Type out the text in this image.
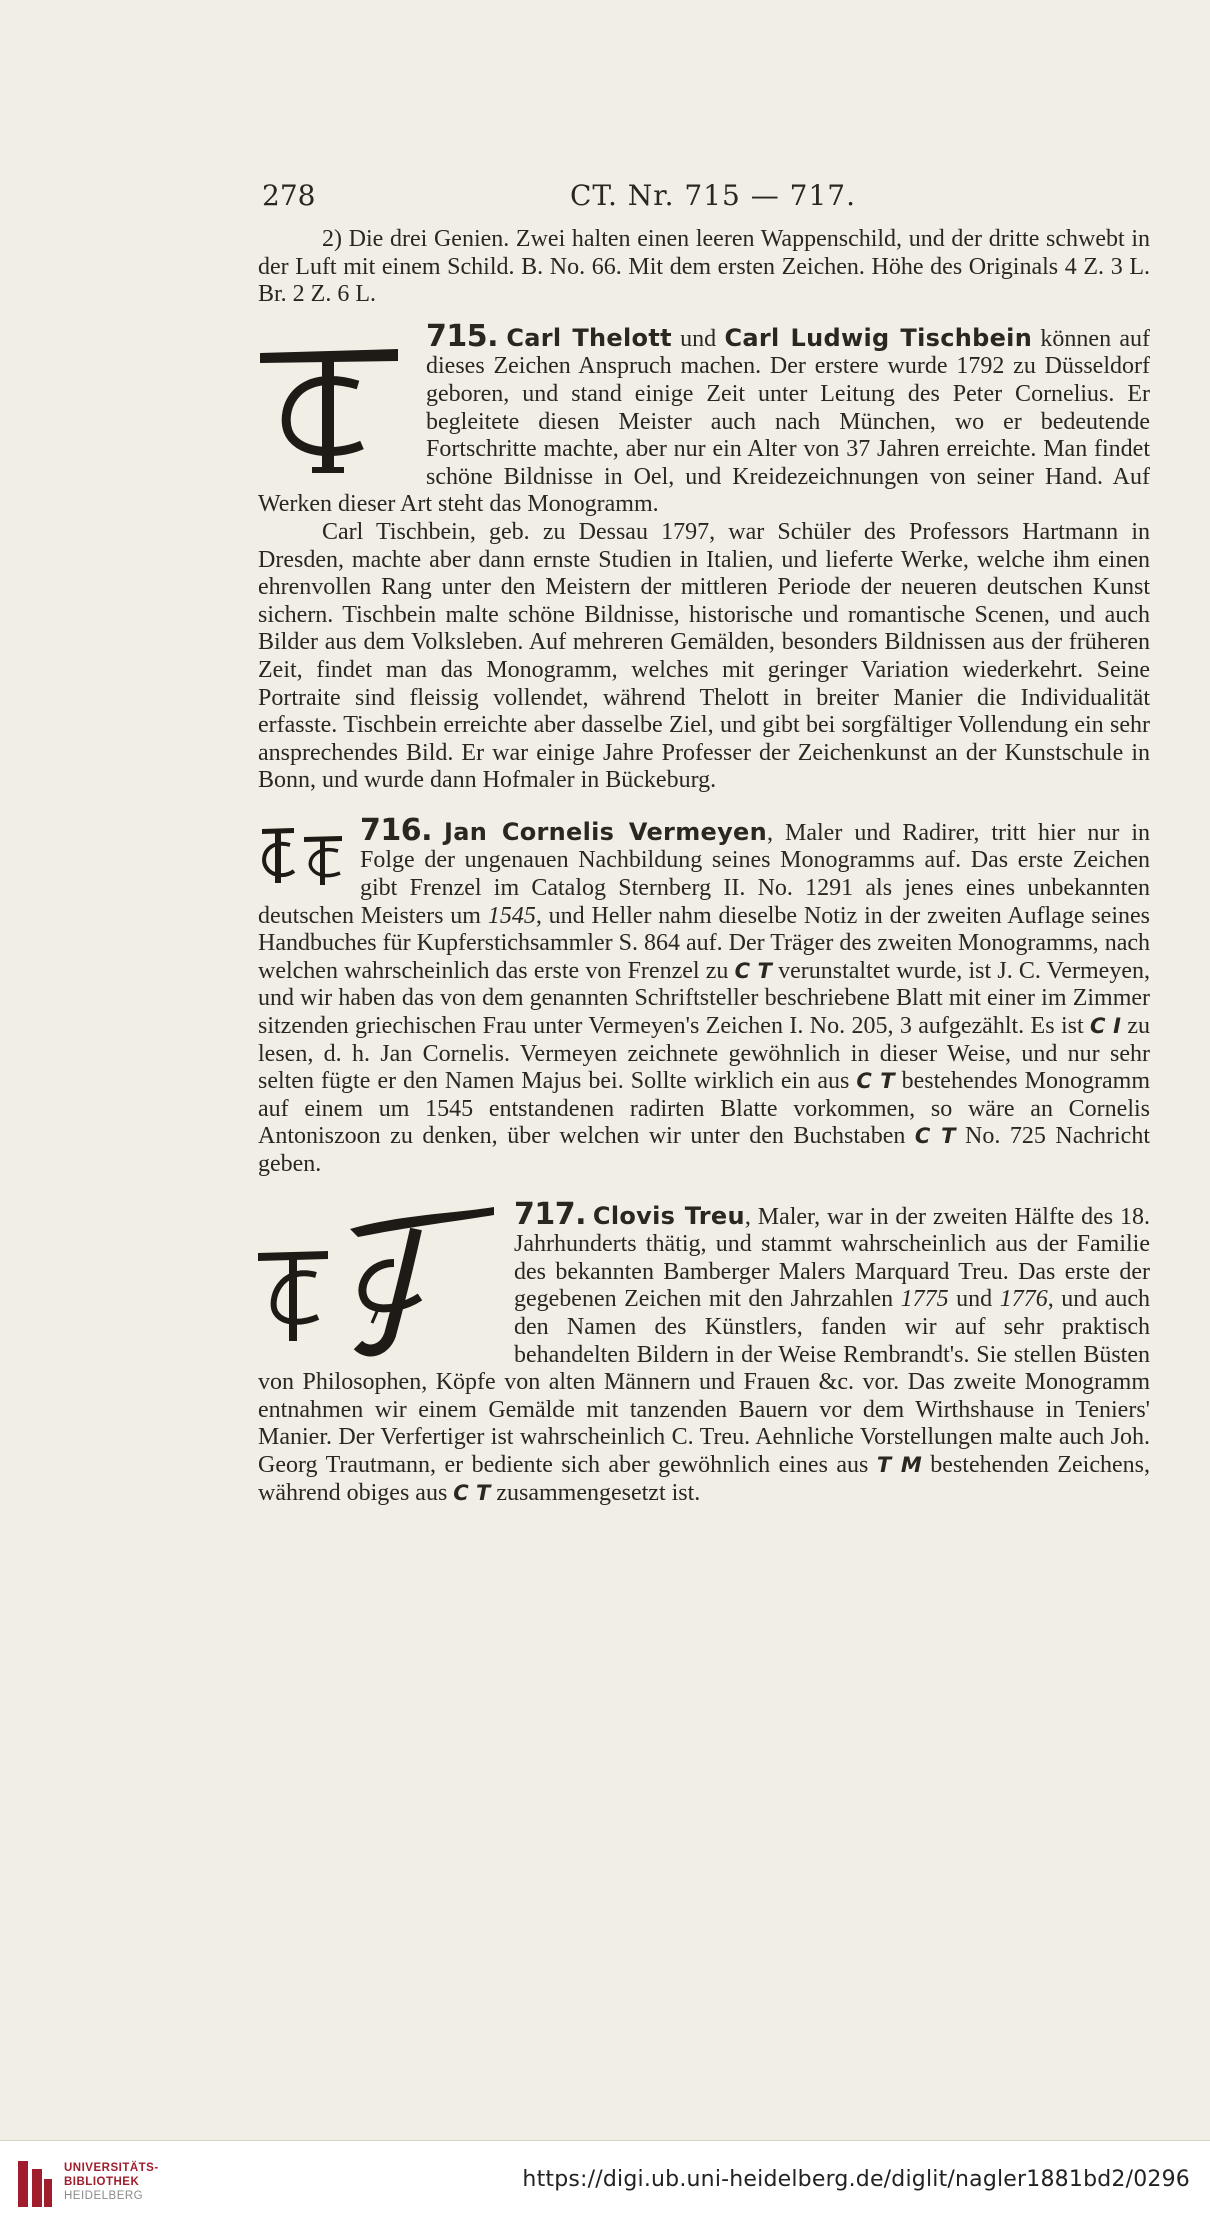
278	CT. Nr. 715 — 717.

2) Die drei Genien. Zwei halten einen leeren Wappenschild, und der dritte schwebt in der Luft mit einem Schild. B. No. 66. Mit dem ersten Zeichen. Höhe des Originals 4 Z. 3 L. Br. 2 Z. 6 L.

715. Carl Thelott und Carl Ludwig Tischbein können auf dieses Zeichen Anspruch machen. Der erstere wurde 1792 zu Düsseldorf geboren, und stand einige Zeit unter Leitung des Peter Cornelius. Er begleitete diesen Meister auch nach München, wo er bedeutende Fortschritte machte, aber nur ein Alter von 37 Jahren erreichte. Man findet schöne Bildnisse in Oel, und Kreidezeichnungen von seiner Hand. Auf Werken dieser Art steht das Monogramm.

Carl Tischbein, geb. zu Dessau 1797, war Schüler des Professors Hartmann in Dresden, machte aber dann ernste Studien in Italien, und lieferte Werke, welche ihm einen ehrenvollen Rang unter den Meistern der mittleren Periode der neueren deutschen Kunst sichern. Tischbein malte schöne Bildnisse, historische und romantische Scenen, und auch Bilder aus dem Volksleben. Auf mehreren Gemälden, besonders Bildnissen aus der früheren Zeit, findet man das Monogramm, welches mit geringer Variation wiederkehrt. Seine Portraite sind fleissig vollendet, während Thelott in breiter Manier die Individualität erfasste. Tischbein erreichte aber dasselbe Ziel, und gibt bei sorgfältiger Vollendung ein sehr ansprechendes Bild. Er war einige Jahre Professer der Zeichenkunst an der Kunstschule in Bonn, und wurde dann Hofmaler in Bückeburg.

716. Jan Cornelis Vermeyen, Maler und Radirer, tritt hier nur in Folge der ungenauen Nachbildung seines Monogramms auf. Das erste Zeichen gibt Frenzel im Catalog Sternberg II. No. 1291 als jenes eines unbekannten deutschen Meisters um 1545, und Heller nahm dieselbe Notiz in der zweiten Auflage seines Handbuches für Kupferstichsammler S. 864 auf. Der Träger des zweiten Monogramms, nach welchen wahrscheinlich das erste von Frenzel zu C T verunstaltet wurde, ist J. C. Vermeyen, und wir haben das von dem genannten Schriftsteller beschriebene Blatt mit einer im Zimmer sitzenden griechischen Frau unter Vermeyen's Zeichen I. No. 205, 3 aufgezählt. Es ist C I zu lesen, d. h. Jan Cornelis. Vermeyen zeichnete gewöhnlich in dieser Weise, und nur sehr selten fügte er den Namen Majus bei. Sollte wirklich ein aus C T bestehendes Monogramm auf einem um 1545 entstandenen radirten Blatte vorkommen, so wäre an Cornelis Antoniszoon zu denken, über welchen wir unter den Buchstaben C T No. 725 Nachricht geben.

717. Clovis Treu, Maler, war in der zweiten Hälfte des 18. Jahrhunderts thätig, und stammt wahrscheinlich aus der Familie des bekannten Bamberger Malers Marquard Treu. Das erste der gegebenen Zeichen mit den Jahrzahlen 1775 und 1776, und auch den Namen des Künstlers, fanden wir auf sehr praktisch behandelten Bildern in der Weise Rembrandt's. Sie stellen Büsten von Philosophen, Köpfe von alten Männern und Frauen &c. vor. Das zweite Monogramm entnahmen wir einem Gemälde mit tanzenden Bauern vor dem Wirthshause in Teniers' Manier. Der Verfertiger ist wahrscheinlich C. Treu. Aehnliche Vorstellungen malte auch Joh. Georg Trautmann, er bediente sich aber gewöhnlich eines aus T M bestehenden Zeichens, während obiges aus C T zusammengesetzt ist.

UNIVERSITÄTS-
BIBLIOTHEK
HEIDELBERG
https://digi.ub.uni-heidelberg.de/diglit/nagler1881bd2/0296
